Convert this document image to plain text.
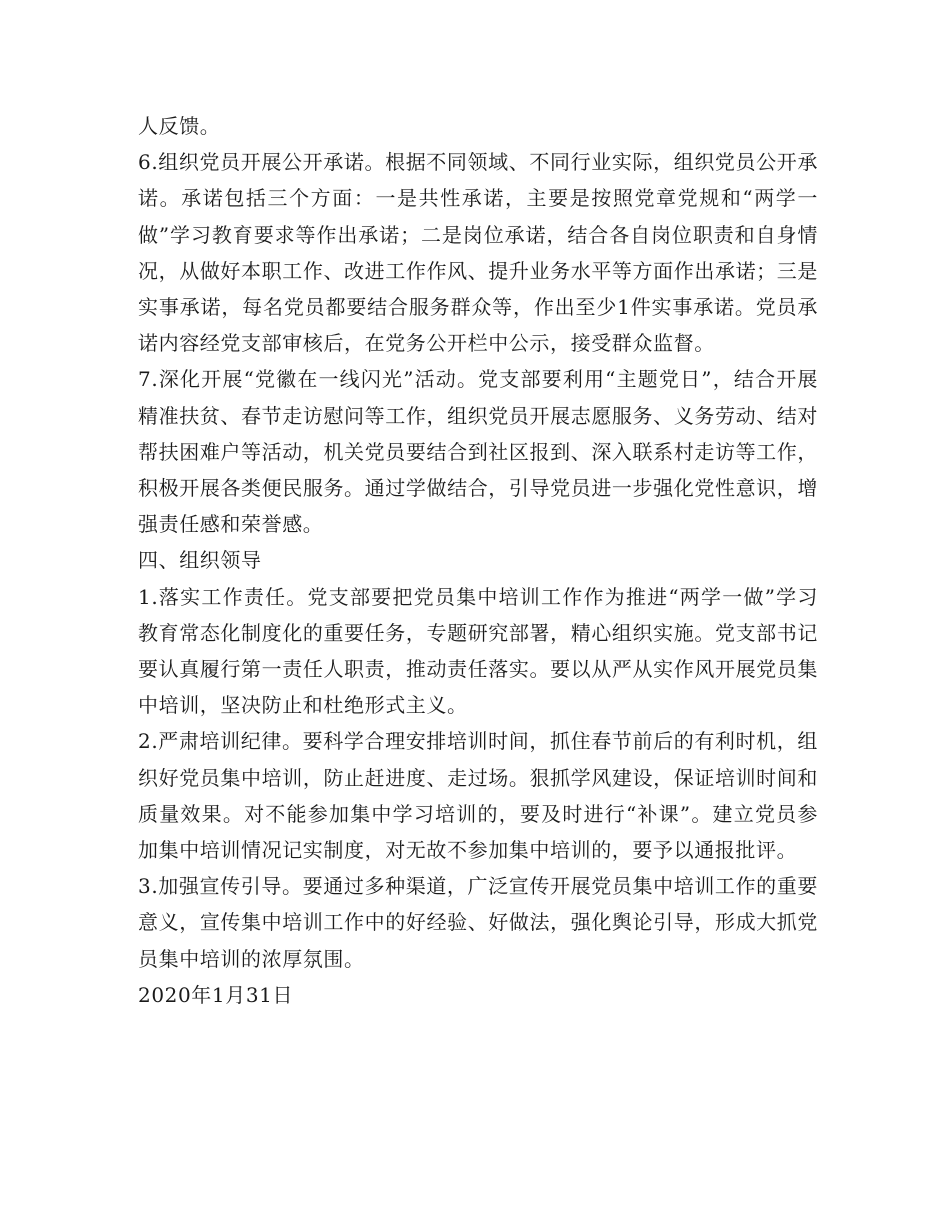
人反馈。

6.组织党员开展公开承诺。根据不同领域、不同行业实际，组织党员公开承诺。承诺包括三个方面：一是共性承诺，主要是按照党章党规和“两学一做”学习教育要求等作出承诺；二是岗位承诺，结合各自岗位职责和自身情况，从做好本职工作、改进工作作风、提升业务水平等方面作出承诺；三是实事承诺，每名党员都要结合服务群众等，作出至少1件实事承诺。党员承诺内容经党支部审核后，在党务公开栏中公示，接受群众监督。

7.深化开展“党徽在一线闪光”活动。党支部要利用“主题党日”，结合开展精准扶贫、春节走访慰问等工作，组织党员开展志愿服务、义务劳动、结对帮扶困难户等活动，机关党员要结合到社区报到、深入联系村走访等工作，积极开展各类便民服务。通过学做结合，引导党员进一步强化党性意识，增强责任感和荣誉感。

四、组织领导

1.落实工作责任。党支部要把党员集中培训工作作为推进“两学一做”学习教育常态化制度化的重要任务，专题研究部署，精心组织实施。党支部书记要认真履行第一责任人职责，推动责任落实。要以从严从实作风开展党员集中培训，坚决防止和杜绝形式主义。

2.严肃培训纪律。要科学合理安排培训时间，抓住春节前后的有利时机，组织好党员集中培训，防止赶进度、走过场。狠抓学风建设，保证培训时间和质量效果。对不能参加集中学习培训的，要及时进行“补课”。建立党员参加集中培训情况记实制度，对无故不参加集中培训的，要予以通报批评。

3.加强宣传引导。要通过多种渠道，广泛宣传开展党员集中培训工作的重要意义，宣传集中培训工作中的好经验、好做法，强化舆论引导，形成大抓党员集中培训的浓厚氛围。

2020年1月31日
